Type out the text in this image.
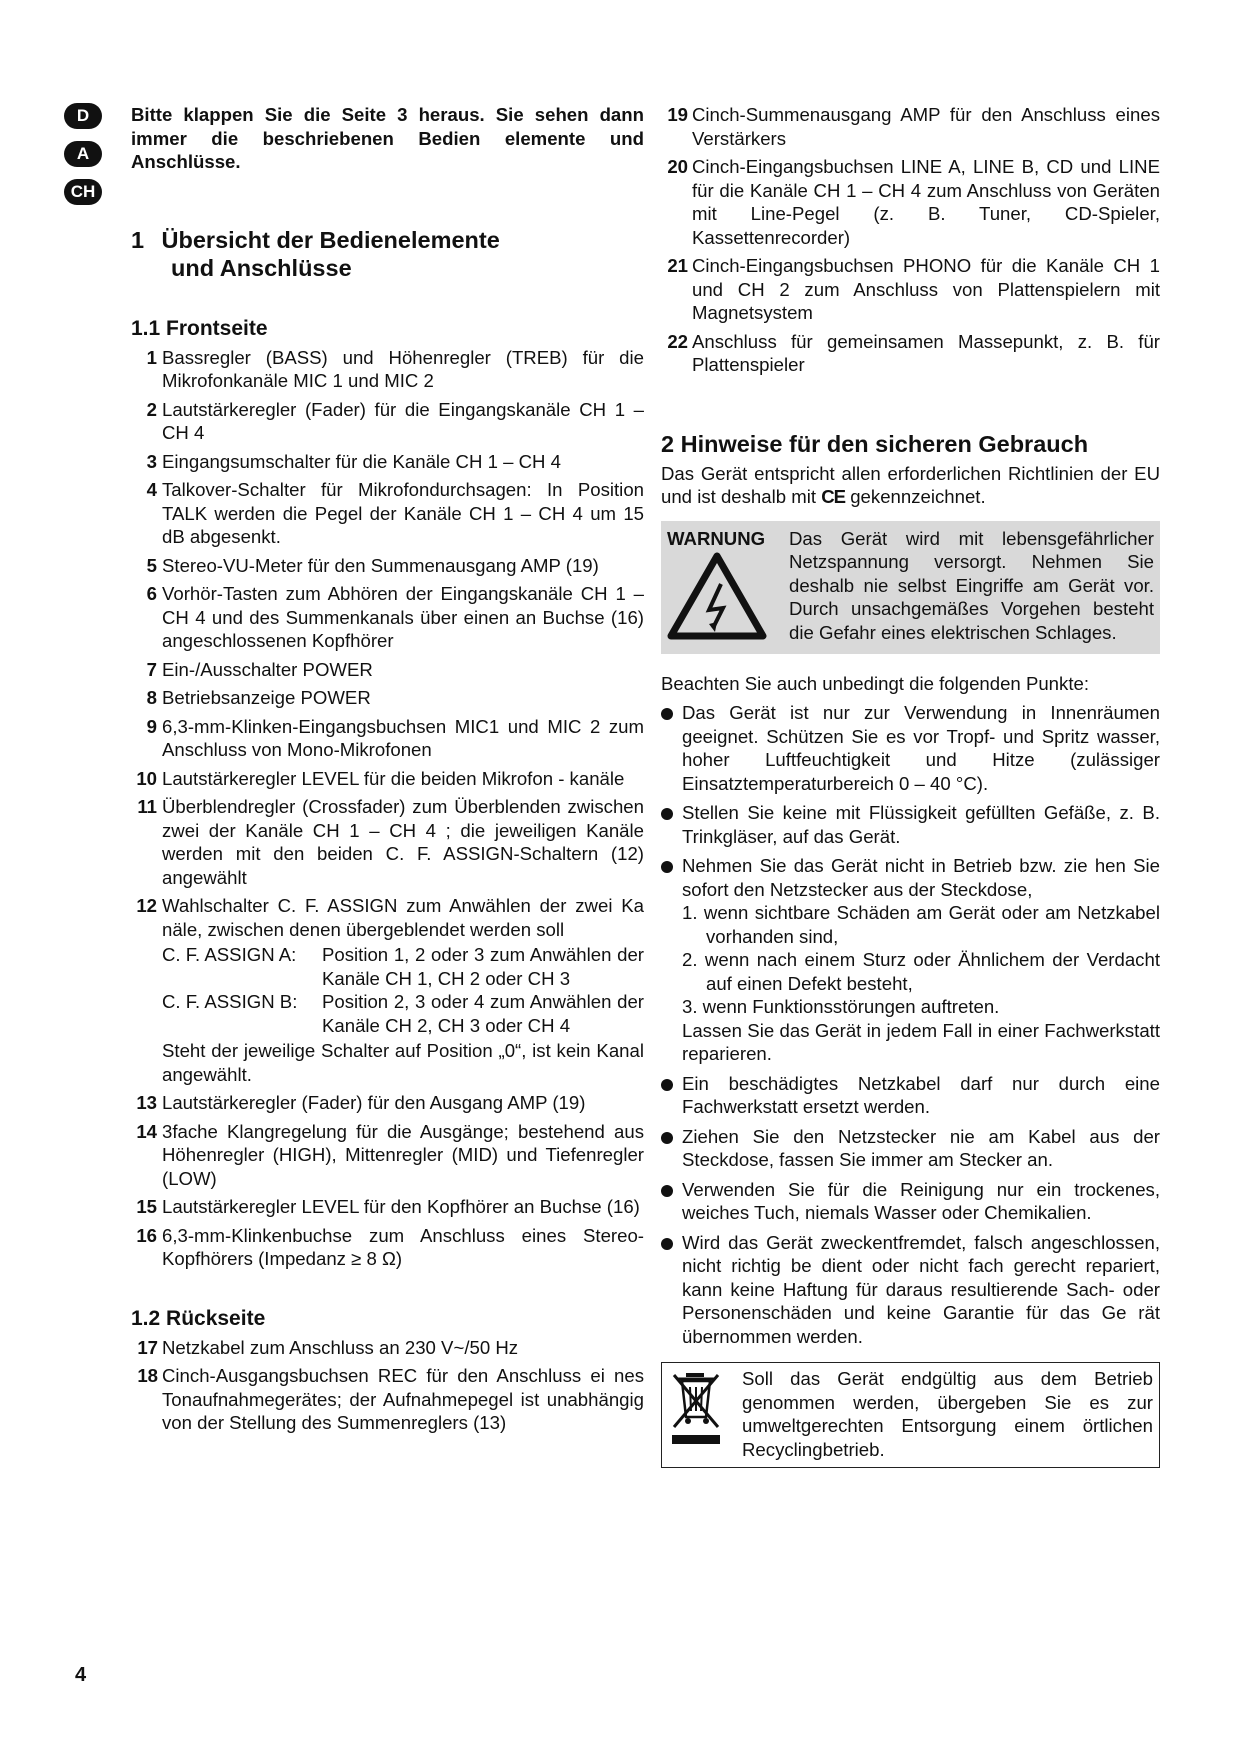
D
A
CH

Bitte klappen Sie die Seite 3 heraus. Sie sehen dann immer die beschriebenen Bedien elemente und Anschlüsse.

1 Übersicht der Bedienelemente
und Anschlüsse
1.1 Frontseite
1 Bassregler (BASS) und Höhenregler (TREB) für die Mikrofonkanäle MIC 1 und MIC 2
2 Lautstärkeregler (Fader) für die Eingangskanäle CH 1 – CH 4
3 Eingangsumschalter für die Kanäle CH 1 – CH 4
4 Talkover-Schalter für Mikrofondurchsagen: In Position TALK werden die Pegel der Kanäle CH 1 – CH 4 um 15 dB abgesenkt.
5 Stereo-VU-Meter für den Summenausgang AMP (19)
6 Vorhör-Tasten zum Abhören der Eingangskanäle CH 1 – CH 4 und des Summenkanals über einen an Buchse (16) angeschlossenen Kopfhörer
7 Ein-/Ausschalter POWER
8 Betriebsanzeige POWER
9 6,3-mm-Klinken-Eingangsbuchsen MIC1 und MIC 2 zum Anschluss von Mono-Mikrofonen
10 Lautstärkeregler LEVEL für die beiden Mikrofon - kanäle
11 Überblendregler (Crossfader) zum Überblenden zwischen zwei der Kanäle CH 1 – CH 4 ; die jeweiligen Kanäle werden mit den beiden C. F. ASSIGN-Schaltern (12) angewählt
12 Wahlschalter C. F. ASSIGN zum Anwählen der zwei Ka näle, zwischen denen übergeblendet werden soll
C. F. ASSIGN A:	Position 1, 2 oder 3 zum Anwählen der Kanäle CH 1, CH 2 oder CH 3
C. F. ASSIGN B:	Position 2, 3 oder 4 zum Anwählen der Kanäle CH 2, CH 3 oder CH 4
Steht der jeweilige Schalter auf Position „0“, ist kein Kanal angewählt.
13 Lautstärkeregler (Fader) für den Ausgang AMP (19)
14 3fache Klangregelung für die Ausgänge; bestehend aus Höhenregler (HIGH), Mittenregler (MID) und Tiefenregler (LOW)
15 Lautstärkeregler LEVEL für den Kopfhörer an Buchse (16)
16 6,3-mm-Klinkenbuchse zum Anschluss eines Stereo-Kopfhörers (Impedanz ≥ 8 Ω)
1.2 Rückseite
17 Netzkabel zum Anschluss an 230 V~/50 Hz
18 Cinch-Ausgangsbuchsen REC für den Anschluss ei nes Tonaufnahmegerätes; der Aufnahmepegel ist unabhängig von der Stellung des Summenreglers (13)
19 Cinch-Summenausgang AMP für den Anschluss eines Verstärkers
20 Cinch-Eingangsbuchsen LINE A, LINE B, CD und LINE für die Kanäle CH 1 – CH 4 zum Anschluss von Geräten mit Line-Pegel (z. B. Tuner, CD-Spieler, Kassettenrecorder)
21 Cinch-Eingangsbuchsen PHONO für die Kanäle CH 1 und CH 2 zum Anschluss von Plattenspielern mit Magnetsystem
22 Anschluss für gemeinsamen Massepunkt, z. B. für Plattenspieler
2 Hinweise für den sicheren Gebrauch

Das Gerät entspricht allen erforderlichen Richtlinien der EU und ist deshalb mit CE gekennzeichnet.

WARNUNG	Das Gerät wird mit lebensgefährlicher Netzspannung versorgt. Nehmen Sie deshalb nie selbst Eingriffe am Gerät vor. Durch unsachgemäßes Vorgehen besteht die Gefahr eines elektrischen Schlages.
Beachten Sie auch unbedingt die folgenden Punkte:
Das Gerät ist nur zur Verwendung in Innenräumen geeignet. Schützen Sie es vor Tropf- und Spritz wasser, hoher Luftfeuchtigkeit und Hitze (zulässiger Einsatztemperaturbereich 0 – 40 °C).
Stellen Sie keine mit Flüssigkeit gefüllten Gefäße, z. B. Trinkgläser, auf das Gerät.
Nehmen Sie das Gerät nicht in Betrieb bzw. zie hen Sie sofort den Netzstecker aus der Steckdose,
1. wenn sichtbare Schäden am Gerät oder am Netzkabel vorhanden sind,
2. wenn nach einem Sturz oder Ähnlichem der Verdacht auf einen Defekt besteht,
3. wenn Funktionsstörungen auftreten.
Lassen Sie das Gerät in jedem Fall in einer Fachwerkstatt reparieren.
Ein beschädigtes Netzkabel darf nur durch eine Fachwerkstatt ersetzt werden.
Ziehen Sie den Netzstecker nie am Kabel aus der Steckdose, fassen Sie immer am Stecker an.
Verwenden Sie für die Reinigung nur ein trockenes, weiches Tuch, niemals Wasser oder Chemikalien.
Wird das Gerät zweckentfremdet, falsch angeschlossen, nicht richtig be dient oder nicht fach gerecht repariert, kann keine Haftung für daraus resultierende Sach- oder Personenschäden und keine Garantie für das Ge rät übernommen werden.
Soll das Gerät endgültig aus dem Betrieb genommen werden, übergeben Sie es zur umweltgerechten Entsorgung einem örtlichen Recyclingbetrieb.
4
